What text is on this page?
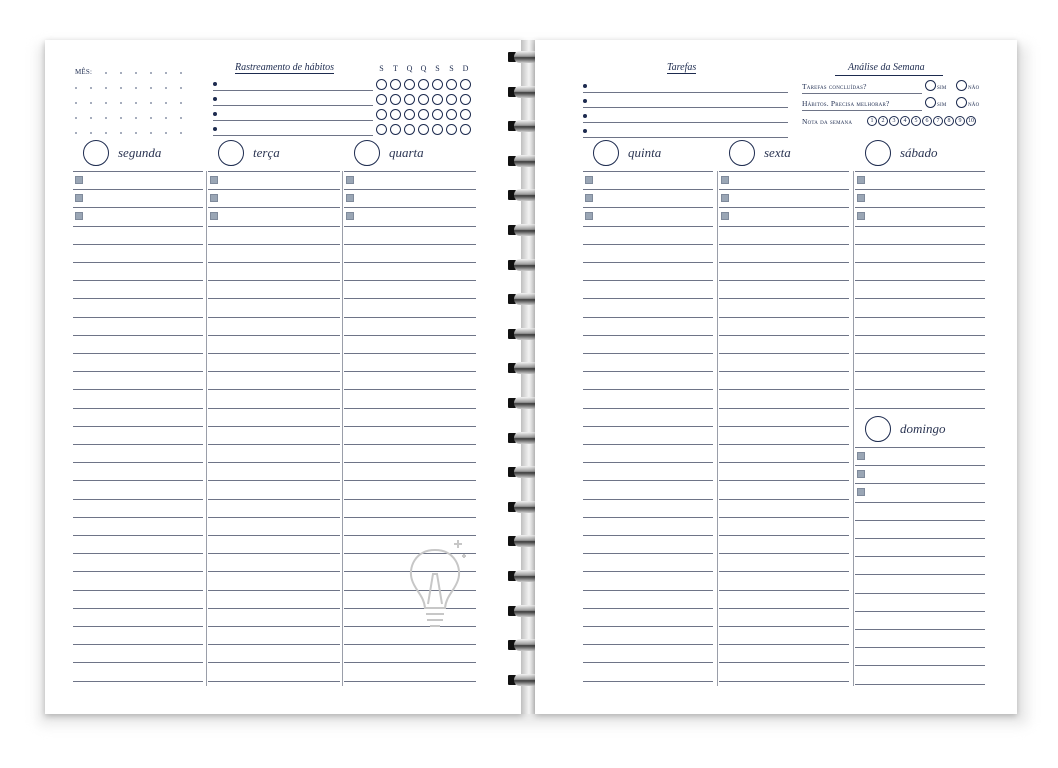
MÊS:	Rastreamento de hábitos	S	T	Q	Q	S	S	D
segunda	terça	quarta
Tarefas	Análise da Semana
Tarefas concluídas?	sim	não
Hábitos. Precisa melhorar?	sim	não
Nota da semana	1	2	3	4	5	6	7	8	9	10
quinta	sexta	sábado
domingo
